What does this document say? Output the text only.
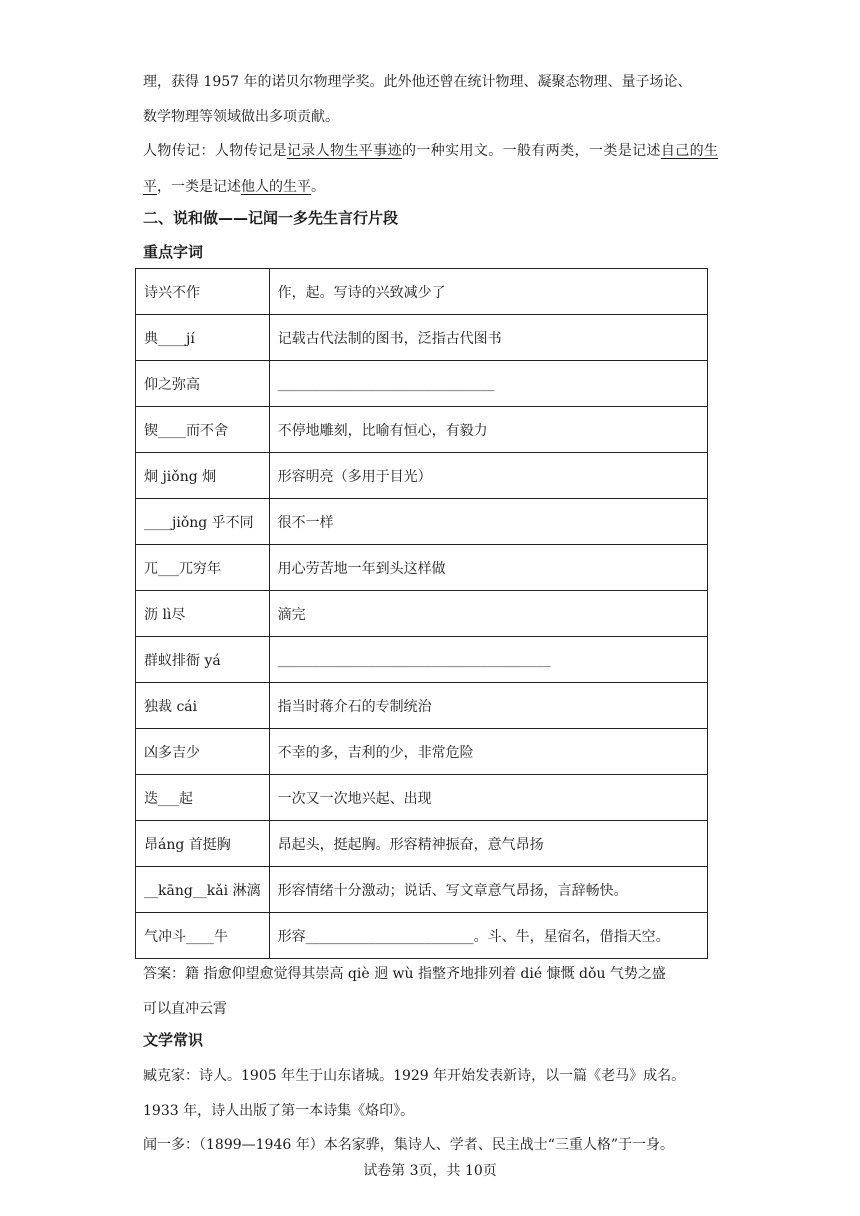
理，获得 1957 年的诺贝尔物理学奖。此外他还曾在统计物理、凝聚态物理、量子场论、
数学物理等领域做出多项贡献。
人物传记：人物传记是记录人物生平事迹的一种实用文。一般有两类，一类是记述自己的生平，一类是记述他人的生平。
二、说和做——记闻一多先生言行片段
重点字词
诗兴不作	作，起。写诗的兴致减少了
典____jí	记载古代法制的图书，泛指古代图书
仰之弥高	_______________________________
锲____而不舍	不停地雕刻，比喻有恒心，有毅力
炯 jiǒng 炯	形容明亮（多用于目光）
____jiǒng 乎不同	很不一样
兀___兀穷年	用心劳苦地一年到头这样做
沥 lì尽	滴完
群蚁排衙 yá	_______________________________________
独裁 cái	指当时蒋介石的专制统治
凶多吉少	不幸的多，吉利的少，非常危险
迭___起	一次又一次地兴起、出现
昂áng 首挺胸	昂起头，挺起胸。形容精神振奋，意气昂扬
__kāng__kǎi 淋漓	形容情绪十分激动；说话、写文章意气昂扬，言辞畅快。
气冲斗____牛	形容________________________。斗、牛，星宿名，借指天空。
答案：籍 指愈仰望愈觉得其崇高 qiè 迥 wù 指整齐地排列着 dié 慷慨 dǒu 气势之盛
可以直冲云霄
文学常识
臧克家：诗人。1905 年生于山东诸城。1929 年开始发表新诗，以一篇《老马》成名。
1933 年，诗人出版了第一本诗集《烙印》。
闻一多：（1899—1946 年）本名家骅，集诗人、学者、民主战士“三重人格”于一身。
试卷第 3页，共 10页
